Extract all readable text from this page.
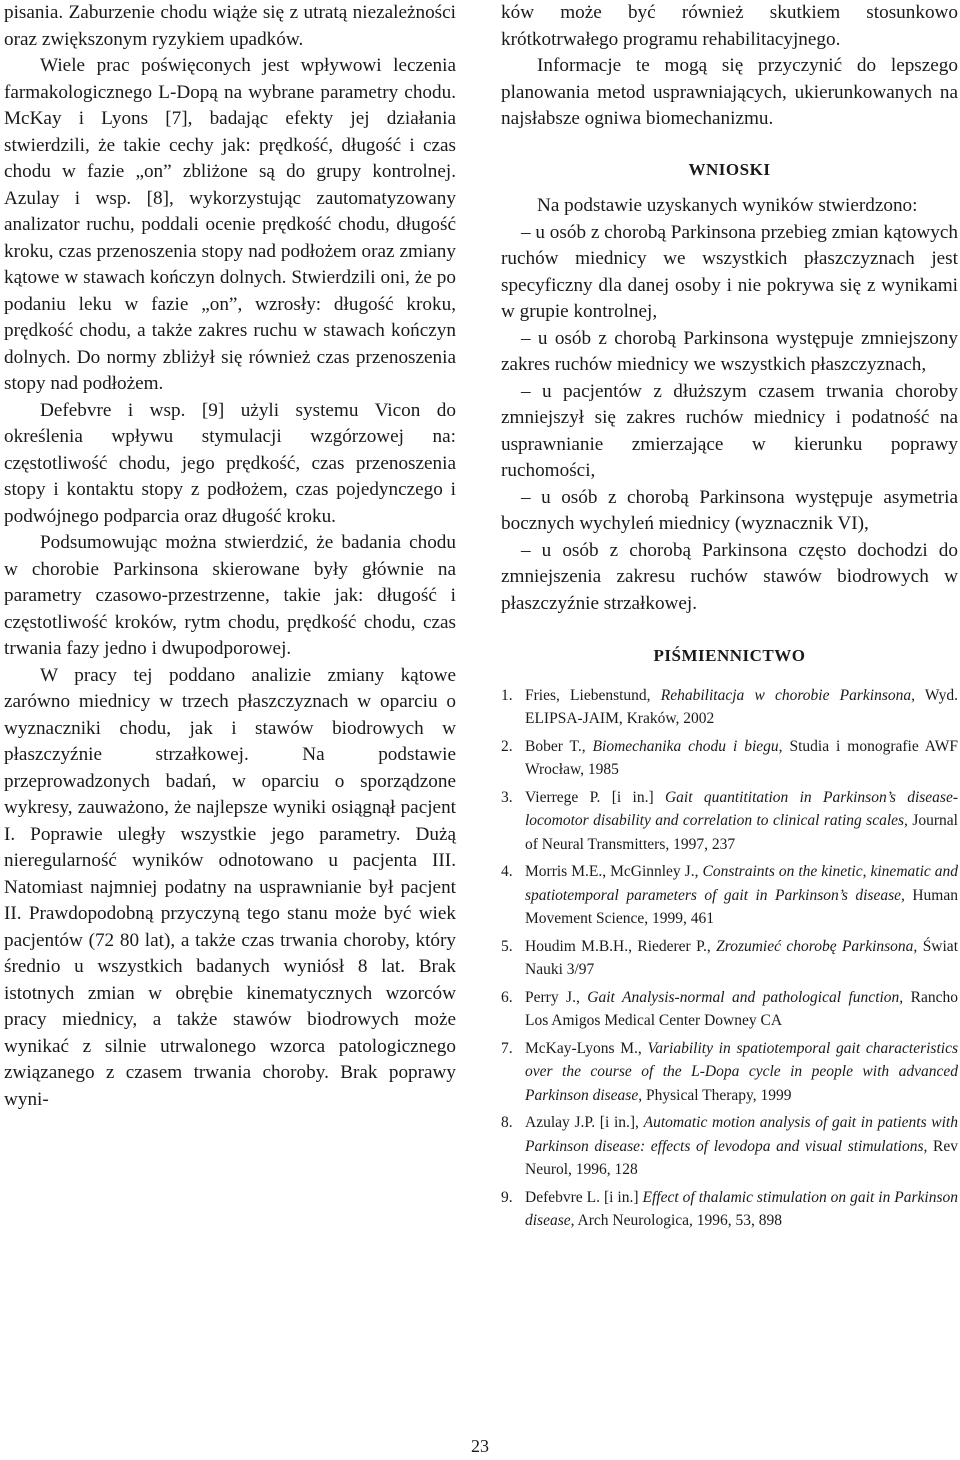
pisania. Zaburzenie chodu wiąże się z utratą niezależności oraz zwiększonym ryzykiem upadków.

Wiele prac poświęconych jest wpływowi leczenia farmakologicznego L-Dopą na wybrane parametry chodu. McKay i Lyons [7], badając efekty jej działania stwierdzili, że takie cechy jak: prędkość, długość i czas chodu w fazie „on” zbliżone są do grupy kontrolnej. Azulay i wsp. [8], wykorzystując zautomatyzowany analizator ruchu, poddali ocenie prędkość chodu, długość kroku, czas przenoszenia stopy nad podłożem oraz zmiany kątowe w stawach kończyn dolnych. Stwierdzili oni, że po podaniu leku w fazie „on”, wzrosły: długość kroku, prędkość chodu, a także zakres ruchu w stawach kończyn dolnych. Do normy zbliżył się również czas przenoszenia stopy nad podłożem.

Defebvre i wsp. [9] użyli systemu Vicon do określenia wpływu stymulacji wzgórzowej na: częstotliwość chodu, jego prędkość, czas przenoszenia stopy i kontaktu stopy z podłożem, czas pojedynczego i podwójnego podparcia oraz długość kroku.

Podsumowując można stwierdzić, że badania chodu w chorobie Parkinsona skierowane były głównie na parametry czasowo-przestrzenne, takie jak: długość i częstotliwość kroków, rytm chodu, prędkość chodu, czas trwania fazy jedno i dwupodporowej.

W pracy tej poddano analizie zmiany kątowe zarówno miednicy w trzech płaszczyznach w oparciu o wyznaczniki chodu, jak i stawów biodrowych w płaszczyźnie strzałkowej. Na podstawie przeprowadzonych badań, w oparciu o sporządzone wykresy, zauważono, że najlepsze wyniki osiągnął pacjent I. Poprawie uległy wszystkie jego parametry. Dużą nieregularność wyników odnotowano u pacjenta III. Natomiast najmniej podatny na usprawnianie był pacjent II. Prawdopodobną przyczyną tego stanu może być wiek pacjentów (72 80 lat), a także czas trwania choroby, który średnio u wszystkich badanych wyniósł 8 lat. Brak istotnych zmian w obrębie kinematycznych wzorców pracy miednicy, a także stawów biodrowych może wynikać z silnie utrwalonego wzorca patologicznego związanego z czasem trwania choroby. Brak poprawy wyni-

ków może być również skutkiem stosunkowo krótkotrwałego programu rehabilitacyjnego.

Informacje te mogą się przyczynić do lepszego planowania metod usprawniających, ukierunkowanych na najsłabsze ogniwa biomechanizmu.

WNIOSKI

Na podstawie uzyskanych wyników stwierdzono:

– u osób z chorobą Parkinsona przebieg zmian kątowych ruchów miednicy we wszystkich płaszczyznach jest specyficzny dla danej osoby i nie pokrywa się z wynikami w grupie kontrolnej,

– u osób z chorobą Parkinsona występuje zmniejszony zakres ruchów miednicy we wszystkich płaszczyznach,

– u pacjentów z dłuższym czasem trwania choroby zmniejszył się zakres ruchów miednicy i podatność na usprawnianie zmierzające w kierunku poprawy ruchomości,

– u osób z chorobą Parkinsona występuje asymetria bocznych wychyleń miednicy (wyznacznik VI),

– u osób z chorobą Parkinsona często dochodzi do zmniejszenia zakresu ruchów stawów biodrowych w płaszczyźnie strzałkowej.

PIŚMIENNICTWO
1. Fries, Liebenstund, Rehabilitacja w chorobie Parkinsona, Wyd. ELIPSA-JAIM, Kraków, 2002
2. Bober T., Biomechanika chodu i biegu, Studia i monografie AWF Wrocław, 1985
3. Vierrege P. [i in.] Gait quantititation in Parkinson’s disease-locomotor disability and correlation to clinical rating scales, Journal of Neural Transmitters, 1997, 237
4. Morris M.E., McGinnley J., Constraints on the kinetic, kinematic and spatiotemporal parameters of gait in Parkinson’s disease, Human Movement Science, 1999, 461
5. Houdim M.B.H., Riederer P., Zrozumieć chorobę Parkinsona, Świat Nauki 3/97
6. Perry J., Gait Analysis-normal and pathological function, Rancho Los Amigos Medical Center Downey CA
7. McKay-Lyons M., Variability in spatiotemporal gait characteristics over the course of the L-Dopa cycle in people with advanced Parkinson disease, Physical Therapy, 1999
8. Azulay J.P. [i in.], Automatic motion analysis of gait in patients with Parkinson disease: effects of levodopa and visual stimulations, Rev Neurol, 1996, 128
9. Defebvre L. [i in.] Effect of thalamic stimulation on gait in Parkinson disease, Arch Neurologica, 1996, 53, 898
23
